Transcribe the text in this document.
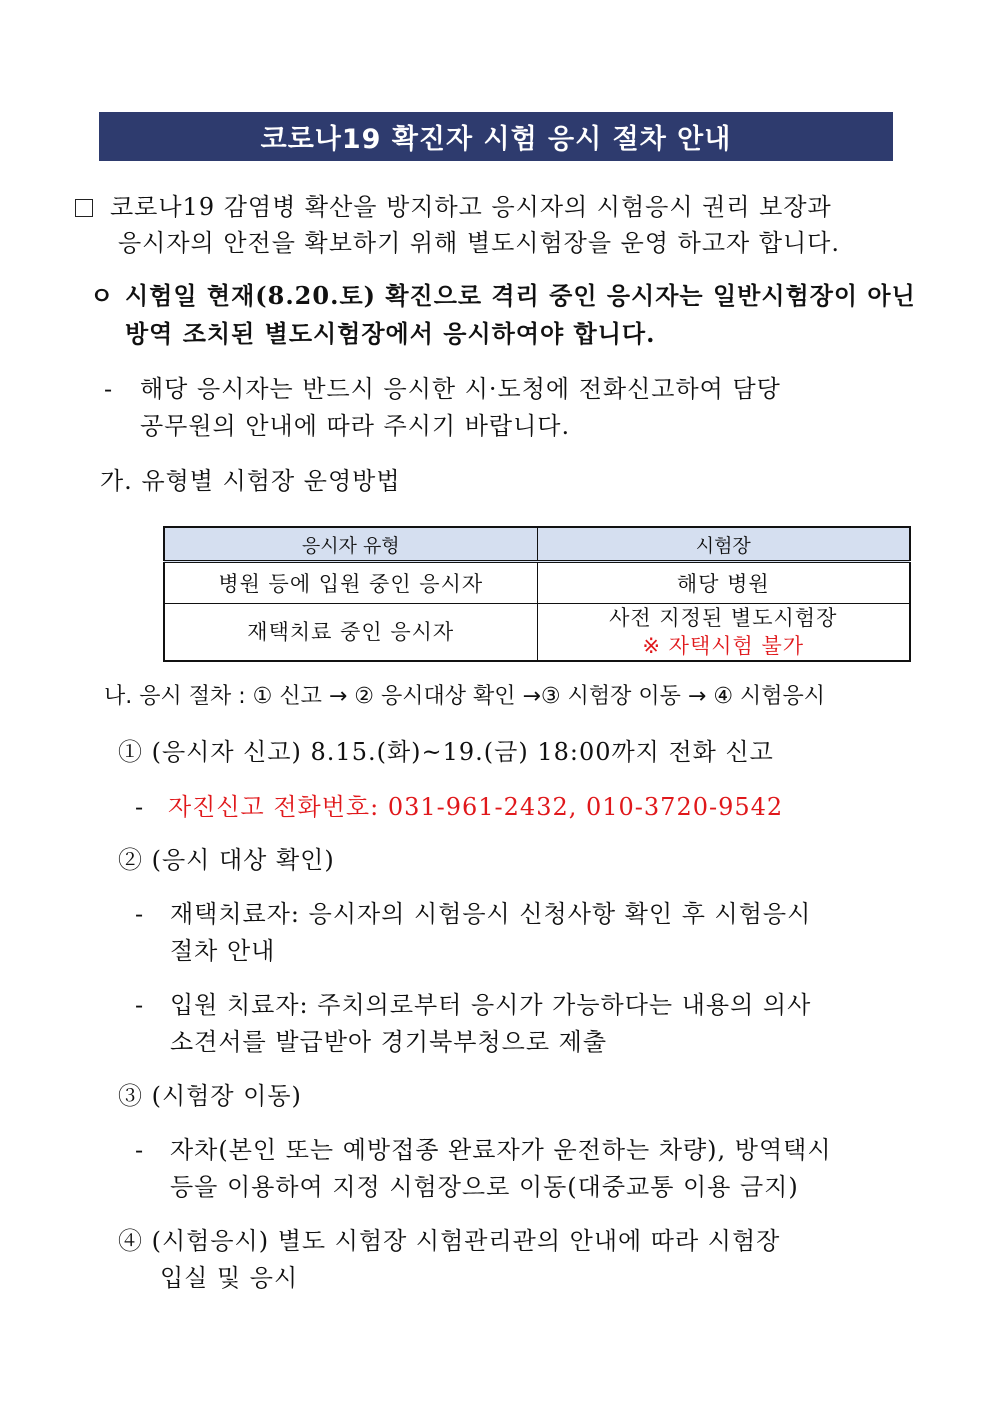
코로나19 확진자 시험 응시 절차 안내
코로나19 감염병 확산을 방지하고 응시자의 시험응시 권리 보장과
응시자의 안전을 확보하기 위해 별도시험장을 운영 하고자 합니다.
ㅇ 시험일 현재(8.20.토) 확진으로 격리 중인 응시자는 일반시험장이 아닌
방역 조치된 별도시험장에서 응시하여야 합니다.
- 해당 응시자는 반드시 응시한 시·도청에 전화신고하여 담당
공무원의 안내에 따라 주시기 바랍니다.
가. 유형별 시험장 운영방법
응시자 유형	시험장
병원 등에 입원 중인 응시자	해당 병원
재택치료 중인 응시자	사전 지정된 별도시험장
※ 자택시험 불가
나. 응시 절차 : ① 신고 → ② 응시대상 확인 →③ 시험장 이동 → ④ 시험응시
① (응시자 신고) 8.15.(화)~19.(금) 18:00까지 전화 신고
- 자진신고 전화번호: 031-961-2432, 010-3720-9542
② (응시 대상 확인)
- 재택치료자: 응시자의 시험응시 신청사항 확인 후 시험응시
절차 안내
- 입원 치료자: 주치의로부터 응시가 가능하다는 내용의 의사
소견서를 발급받아 경기북부청으로 제출
③ (시험장 이동)
- 자차(본인 또는 예방접종 완료자가 운전하는 차량), 방역택시
등을 이용하여 지정 시험장으로 이동(대중교통 이용 금지)
④ (시험응시) 별도 시험장 시험관리관의 안내에 따라 시험장
입실 및 응시
